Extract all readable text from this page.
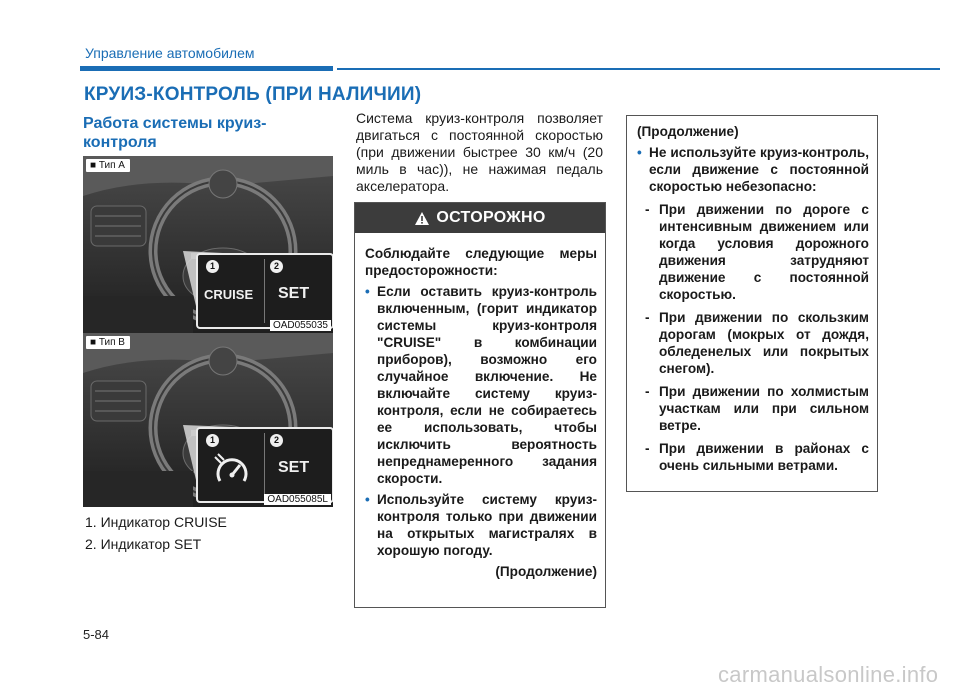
Управление автомобилем
КРУИЗ-КОНТРОЛЬ (ПРИ НАЛИЧИИ)
Работа системы круиз-контроля
■ Тип A
1	2
CRUISE SET
OAD055035
■ Тип B
1	2
SET
OAD055085L
1. Индикатор CRUISE
2. Индикатор SET
Система круиз-контроля позволяет двигаться с постоянной скоростью (при движении быстрее 30 км/ч (20 миль в час)), не нажимая педаль акселератора.
ОСТОРОЖНО
Соблюдайте следующие меры предосторожности:
• Если оставить круиз-контроль включенным, (горит индикатор системы круиз-контроля "CRUISE" в комбинации приборов), возможно его случайное включение. Не включайте систему круиз-контроля, если не собираетесь ее использовать, чтобы исключить вероятность непреднамеренного задания скорости.
• Используйте систему круиз-контроля только при движении на открытых магистралях в хорошую погоду.
(Продолжение)
(Продолжение)
• Не используйте круиз-контроль, если движение с постоянной скоростью небезопасно:
- При движении по дороге с интенсивным движением или когда условия дорожного движения затрудняют движение с постоянной скоростью.
- При движении по скользким дорогам (мокрых от дождя, обледенелых или покрытых снегом).
- При движении по холмистым участкам или при сильном ветре.
- При движении в районах с очень сильными ветрами.
5-84
carmanualsonline.info
